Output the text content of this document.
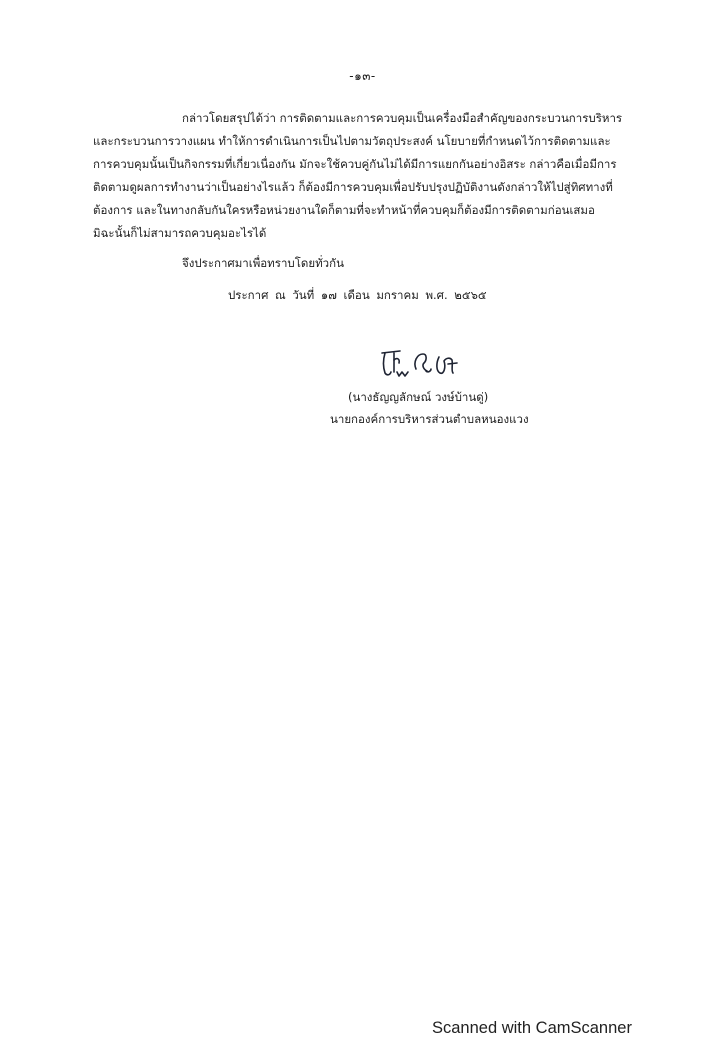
-๑๓-
กล่าวโดยสรุปได้ว่า การติดตามและการควบคุมเป็นเครื่องมือสำคัญของกระบวนการบริหาร
และกระบวนการวางแผน ทำให้การดำเนินการเป็นไปตามวัตถุประสงค์ นโยบายที่กำหนดไว้การติดตามและ
การควบคุมนั้นเป็นกิจกรรมที่เกี่ยวเนื่องกัน มักจะใช้ควบคู่กันไม่ได้มีการแยกกันอย่างอิสระ กล่าวคือเมื่อมีการ
ติดตามดูผลการทำงานว่าเป็นอย่างไรแล้ว ก็ต้องมีการควบคุมเพื่อปรับปรุงปฏิบัติงานดังกล่าวให้ไปสู่ทิศทางที่
ต้องการ และในทางกลับกันใครหรือหน่วยงานใดก็ตามที่จะทำหน้าที่ควบคุมก็ต้องมีการติดตามก่อนเสมอ
มิฉะนั้นก็ไม่สามารถควบคุมอะไรได้
จึงประกาศมาเพื่อทราบโดยทั่วกัน
ประกาศ ณ วันที่ ๑๗ เดือน มกราคม พ.ศ. ๒๕๖๕
(นางธัญญลักษณ์ วงษ์บ้านดู่)
นายกองค์การบริหารส่วนตำบลหนองแวง
Scanned with CamScanner
